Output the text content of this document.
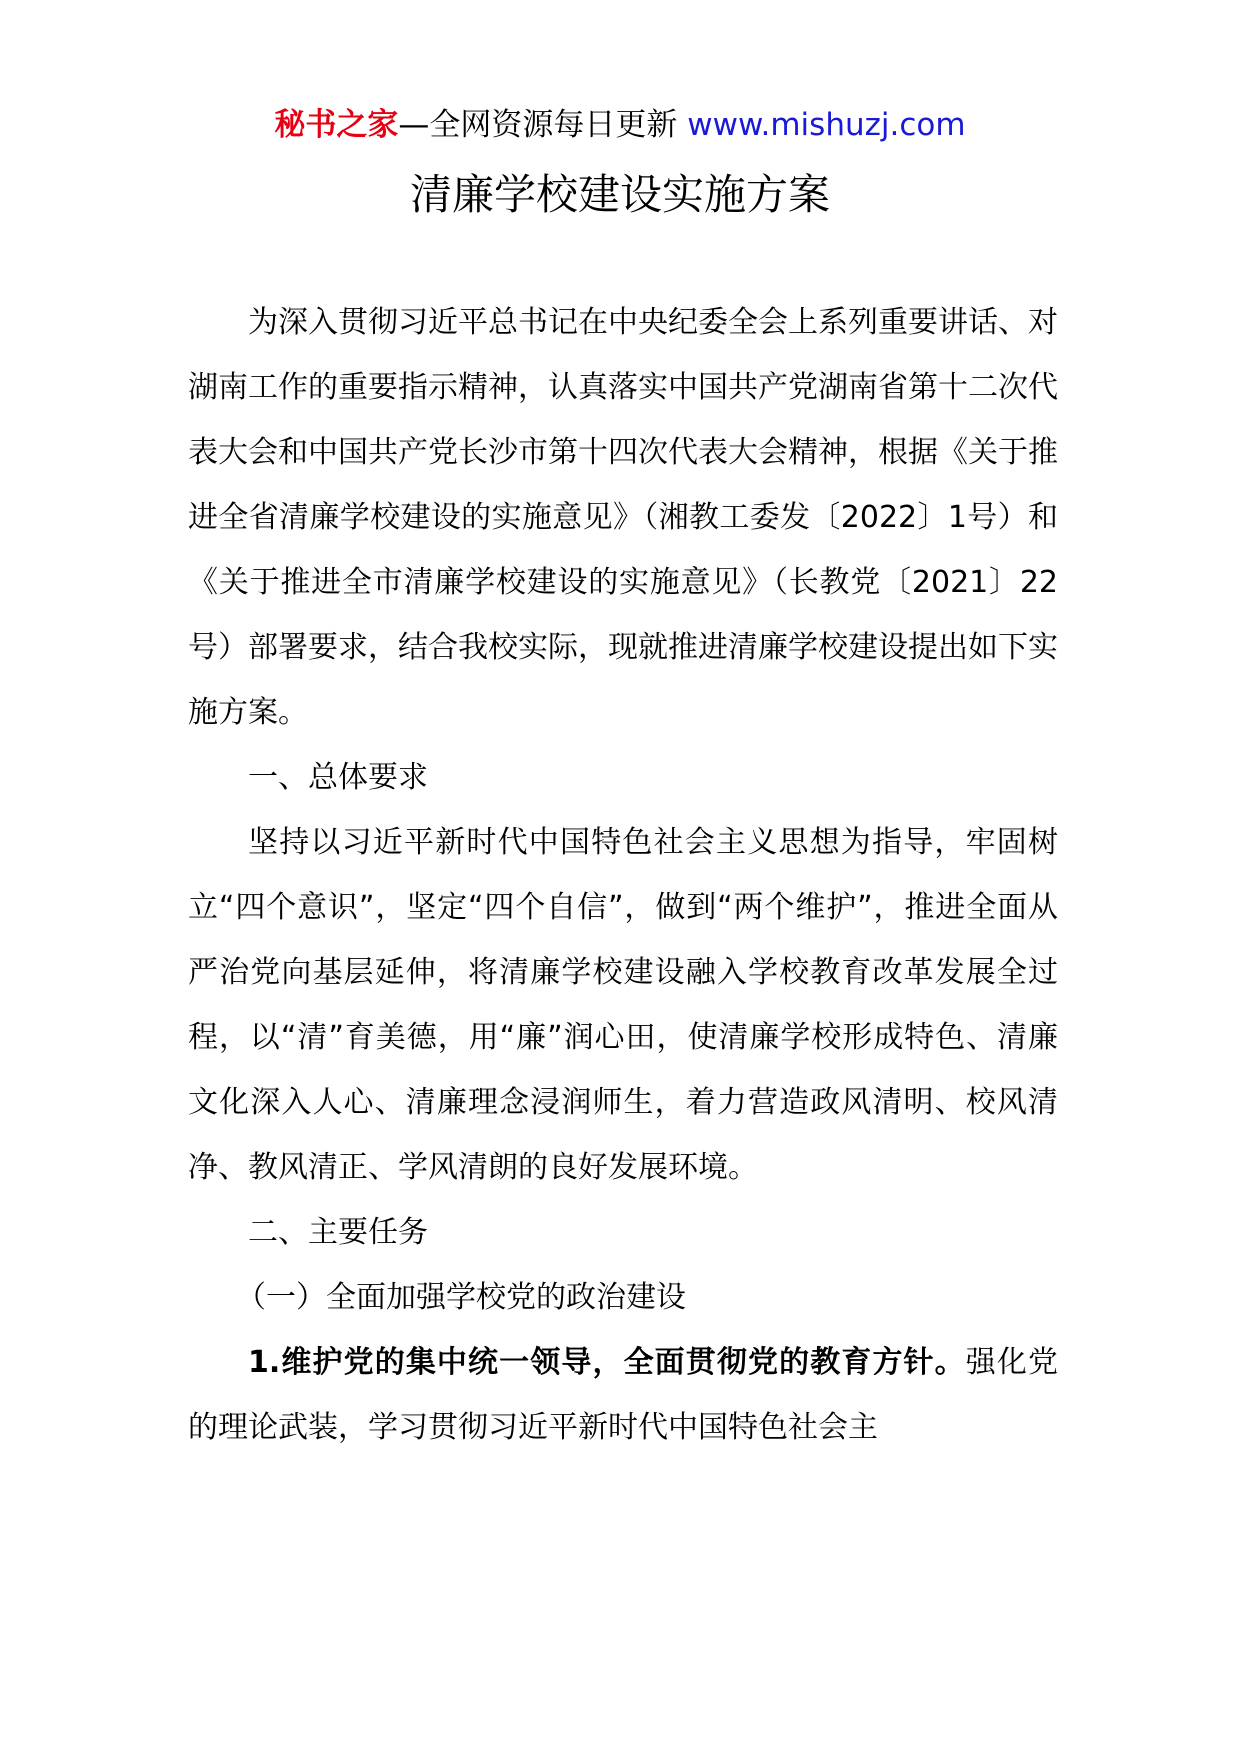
秘书之家—全网资源每日更新 www.mishuzj.com
清廉学校建设实施方案

为深入贯彻习近平总书记在中央纪委全会上系列重要讲话、对湖南工作的重要指示精神，认真落实中国共产党湖南省第十二次代表大会和中国共产党长沙市第十四次代表大会精神，根据《关于推进全省清廉学校建设的实施意见》（湘教工委发〔2022〕1号）和《关于推进全市清廉学校建设的实施意见》（长教党〔2021〕22号）部署要求，结合我校实际，现就推进清廉学校建设提出如下实施方案。

一、总体要求

坚持以习近平新时代中国特色社会主义思想为指导，牢固树立“四个意识”，坚定“四个自信”，做到“两个维护”，推进全面从严治党向基层延伸，将清廉学校建设融入学校教育改革发展全过程，以“清”育美德，用“廉”润心田，使清廉学校形成特色、清廉文化深入人心、清廉理念浸润师生，着力营造政风清明、校风清净、教风清正、学风清朗的良好发展环境。

二、主要任务

（一）全面加强学校党的政治建设

1.维护党的集中统一领导，全面贯彻党的教育方针。强化党的理论武装，学习贯彻习近平新时代中国特色社会主
